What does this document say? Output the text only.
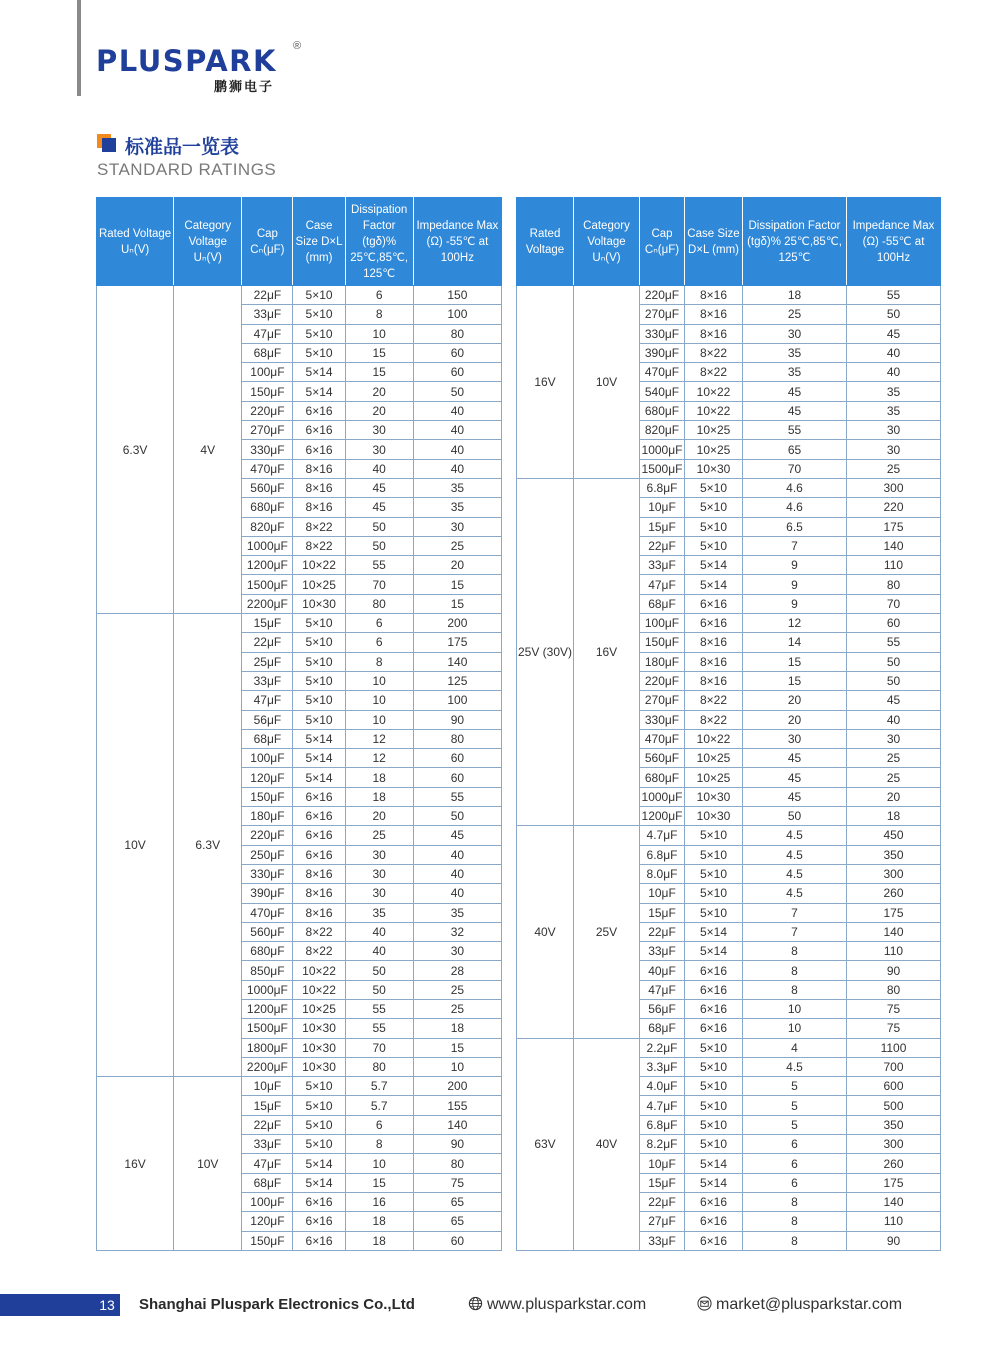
PLUSPARK
鹏狮电子
®
标准品一览表
STANDARD RATINGS
Rated Voltage Uₙ(V)	Category Voltage Uₙ(V)	Cap Cₙ(μF)	Case Size D×L (mm)	Dissipation Factor (tgδ)% 25℃,85℃, 125℃	Impedance Max (Ω) -55℃ at 100Hz
6.3V	4V	22μF	5×10	6	150
		33μF	5×10	8	100
		47μF	5×10	10	80
		68μF	5×10	15	60
		100μF	5×14	15	60
		150μF	5×14	20	50
		220μF	6×16	20	40
		270μF	6×16	30	40
		330μF	6×16	30	40
		470μF	8×16	40	40
		560μF	8×16	45	35
		680μF	8×16	45	35
		820μF	8×22	50	30
		1000μF	8×22	50	25
		1200μF	10×22	55	20
		1500μF	10×25	70	15
		2200μF	10×30	80	15
10V	6.3V	15μF	5×10	6	200
		22μF	5×10	6	175
		25μF	5×10	8	140
		33μF	5×10	10	125
		47μF	5×10	10	100
		56μF	5×10	10	90
		68μF	5×14	12	80
		100μF	5×14	12	60
		120μF	5×14	18	60
		150μF	6×16	18	55
		180μF	6×16	20	50
		220μF	6×16	25	45
		250μF	6×16	30	40
		330μF	8×16	30	40
		390μF	8×16	30	40
		470μF	8×16	35	35
		560μF	8×22	40	32
		680μF	8×22	40	30
		850μF	10×22	50	28
		1000μF	10×22	50	25
		1200μF	10×25	55	25
		1500μF	10×30	55	18
		1800μF	10×30	70	15
		2200μF	10×30	80	10
16V	10V	10μF	5×10	5.7	200
		15μF	5×10	5.7	155
		22μF	5×10	6	140
		33μF	5×10	8	90
		47μF	5×14	10	80
		68μF	5×14	15	75
		100μF	6×16	16	65
		120μF	6×16	18	65
		150μF	6×16	18	60
Rated Voltage	Category Voltage Uₙ(V)	Cap Cₙ(μF)	Case Size D×L (mm)	Dissipation Factor (tgδ)% 25℃,85℃, 125℃	Impedance Max (Ω) -55℃ at 100Hz
16V	10V	220μF	8×16	18	55
		270μF	8×16	25	50
		330μF	8×16	30	45
		390μF	8×22	35	40
		470μF	8×22	35	40
		540μF	10×22	45	35
		680μF	10×22	45	35
		820μF	10×25	55	30
		1000μF	10×25	65	30
		1500μF	10×30	70	25
25V (30V)	16V	6.8μF	5×10	4.6	300
		10μF	5×10	4.6	220
		15μF	5×10	6.5	175
		22μF	5×10	7	140
		33μF	5×14	9	110
		47μF	5×14	9	80
		68μF	6×16	9	70
		100μF	6×16	12	60
		150μF	8×16	14	55
		180μF	8×16	15	50
		220μF	8×16	15	50
		270μF	8×22	20	45
		330μF	8×22	20	40
		470μF	10×22	30	30
		560μF	10×25	45	25
		680μF	10×25	45	25
		1000μF	10×30	45	20
		1200μF	10×30	50	18
40V	25V	4.7μF	5×10	4.5	450
		6.8μF	5×10	4.5	350
		8.0μF	5×10	4.5	300
		10μF	5×10	4.5	260
		15μF	5×10	7	175
		22μF	5×14	7	140
		33μF	5×14	8	110
		40μF	6×16	8	90
		47μF	6×16	8	80
		56μF	6×16	10	75
		68μF	6×16	10	75
63V	40V	2.2μF	5×10	4	1100
		3.3μF	5×10	4.5	700
		4.0μF	5×10	5	600
		4.7μF	5×10	5	500
		6.8μF	5×10	5	350
		8.2μF	5×10	6	300
		10μF	5×14	6	260
		15μF	5×14	6	175
		22μF	6×16	8	140
		27μF	6×16	8	110
		33μF	6×16	8	90
13 Shanghai Pluspark Electronics Co.,Ltd	www.plusparkstar.com	market@plusparkstar.com
